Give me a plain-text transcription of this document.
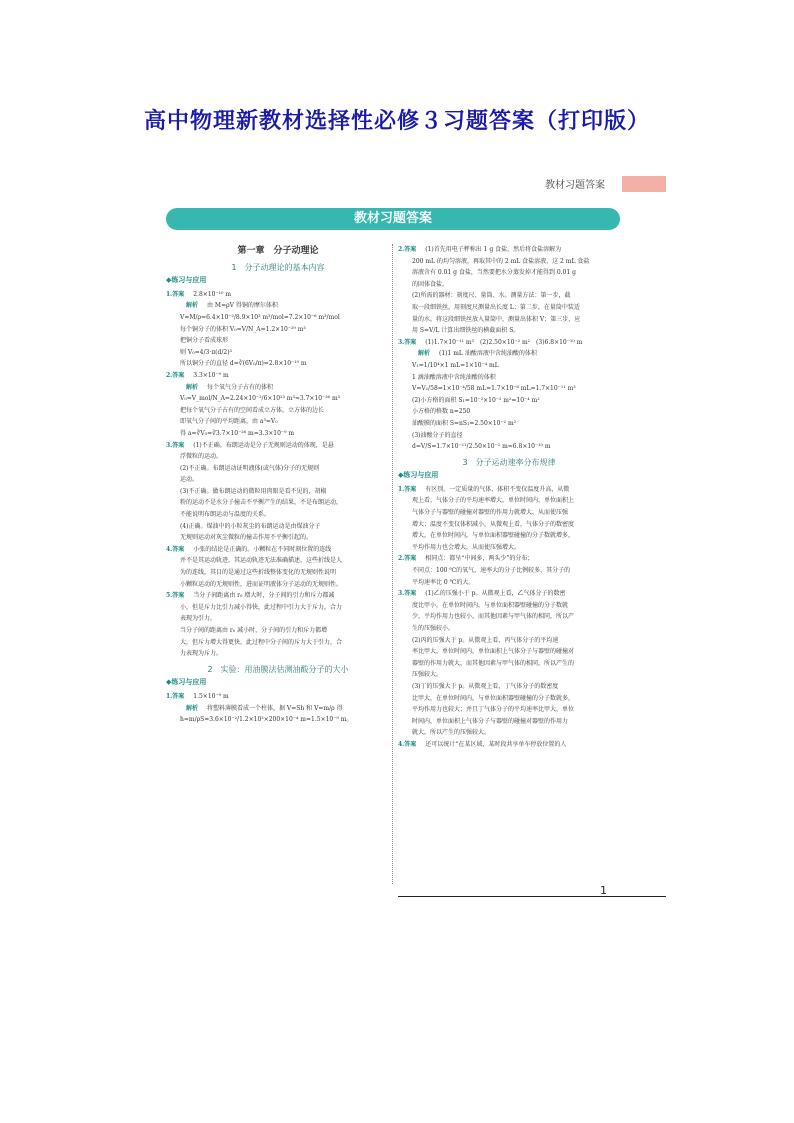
高中物理新教材选择性必修３习题答案（打印版）
教材习题答案
教材习题答案
第一章　分子动理论
1　分子动理论的基本内容
◆练习与应用
1.答案　2.8×10⁻¹⁰ m
　解析　由 M=ρV 得铜的摩尔体积
V=M/ρ=6.4×10⁻²/8.9×10³ m³/mol=7.2×10⁻⁶ m³/mol
每个铜分子的体积 V₀=V/N_A=1.2×10⁻²⁹ m³
把铜分子看成球形
则 V₀=4/3·π(d/2)³
所以铜分子的直径 d=∛(6V₀/π)=2.8×10⁻¹⁰ m
2.答案　3.3×10⁻⁹ m
　解析　每个氧气分子占有的体积
V₀=V_mol/N_A=2.24×10⁻²/6×10²³ m³≈3.7×10⁻²⁶ m³
把每个氧气分子占有的空间看成立方体，立方体的边长
即氧气分子间的平均距离，由 a³=V₀
得 a=∛V₀=∛3.7×10⁻²⁶ m=3.3×10⁻⁹ m
3.答案　(1)不正确。布朗运动是分子无规则运动的体现，是悬
浮微粒的运动。
(2)不正确。布朗运动证明液体(或气体)分子的无规则
运动。
(3)不正确。做布朗运动的微粒用肉眼是看不见的，胡椒
粉的运动不是水分子撞击不平衡产生的结果，不是布朗运动，
不能说明布朗运动与温度的关系。
(4)正确。煤油中的小粒灰尘的布朗运动是由煤油分子
无规则运动对灰尘微粒的撞击作用不平衡引起的。
4.答案　小张的结论是正确的。小颗粒在不同时刻位置的连线
并不是其运动轨迹，其运动轨迹无法准确描述，这些折线是人
为的连线，其目的是通过这些折线整体变化的无规则性说明
小颗粒运动的无规则性，进而证明液体分子运动的无规则性。
5.答案　当分子间距离由 r₀ 增大时，分子间的引力和斥力都减
小，但是斥力比引力减小得快，此过程中引力大于斥力，合力
表现为引力。
当分子间的距离由 r₀ 减小时，分子间的引力和斥力都增
大，但斥力增大得更快，此过程中分子间的斥力大于引力，合
力表现为斥力。
2　实验：用油膜法估测油酸分子的大小
◆练习与应用
1.答案　1.5×10⁻⁹ m
　解析　将塑料薄膜看成一个柱体，据 V=Sh 和 V=m/ρ 得
h=m/ρS=3.6×10⁻²/1.2×10³×200×10⁻⁴ m=1.5×10⁻⁹ m。
2.答案　(1)首先用电子秤称出 1 g 食盐，然后将食盐溶解为
200 mL 的均匀溶液，再取其中的 2 mL 食盐溶液，这 2 mL 食盐
溶液含有 0.01 g 食盐，当然要把水分蒸发掉才能得到 0.01 g
的固体食盐。
(2)所需的器材：刻度尺、量筒、水。测量方法：第一步，截
取一段细铁丝，用刻度尺测量出长度 L；第二步，在量筒中装适
量的水，将这段细铁丝放入量筒中，测量出体积 V；第三步，应
用 S=V/L 计算出细铁丝的横截面积 S。
3.答案　(1)1.7×10⁻¹¹ m³　(2)2.50×10⁻² m²　(3)6.8×10⁻¹⁰ m
　解析　(1)1 mL 油酸溶液中含纯油酸的体积
V₁=1/10⁴×1 mL=1×10⁻⁴ mL
1 滴油酸溶液中含纯油酸的体积
V=V₁/58=1×10⁻⁴/58 mL=1.7×10⁻⁶ mL=1.7×10⁻¹¹ m³
(2)小方格的面积 S₁=10⁻²×10⁻² m²=10⁻⁴ m²
小方格的格数 n=250
油酸膜的面积 S=nS₁=2.50×10⁻² m²
(3)油酸分子的直径
d=V/S=1.7×10⁻¹¹/2.50×10⁻² m≈6.8×10⁻¹⁰ m
3　分子运动速率分布规律
◆练习与应用
1.答案　有区别。一定质量的气体，体积不变仅温度升高，从微
观上看，气体分子的平均速率增大，单位时间内、单位面积上
气体分子与器壁的碰撞对器壁的作用力就增大，从而使压强
增大；温度不变仅体积减小，从微观上看，气体分子的数密度
增大，在单位时间内，与单位面积器壁碰撞的分子数就增多，
平均作用力也会增大，从而使压强增大。
2.答案　相同点：都呈“中间多，两头少”的分布；
不同点：100 ℃的氧气，速率大的分子比例较多，其分子的
平均速率比 0 ℃的大。
3.答案　(1)乙的压强小于 p。从微观上看，乙气体分子的数密
度比甲小，在单位时间内，与单位面积器壁碰撞的分子数就
少，平均作用力也较小，而其他因素与甲气体的相同，所以产
生的压强较小。
(2)丙的压强大于 p。从微观上看，丙气体分子的平均速
率比甲大，单位时间内，单位面积上气体分子与器壁的碰撞对
器壁的作用力就大，而其他因素与甲气体的相同，所以产生的
压强较大。
(3)丁的压强大于 p。从微观上看，丁气体分子的数密度
比甲大，在单位时间内，与单位面积器壁碰撞的分子数就多，
平均作用力也较大；并且丁气体分子的平均速率比甲大，单位
时间内，单位面积上气体分子与器壁的碰撞对器壁的作用力
就大，所以产生的压强较大。
4.答案　还可以统计“在某区域，某时段共享单车停放位置的人
1
